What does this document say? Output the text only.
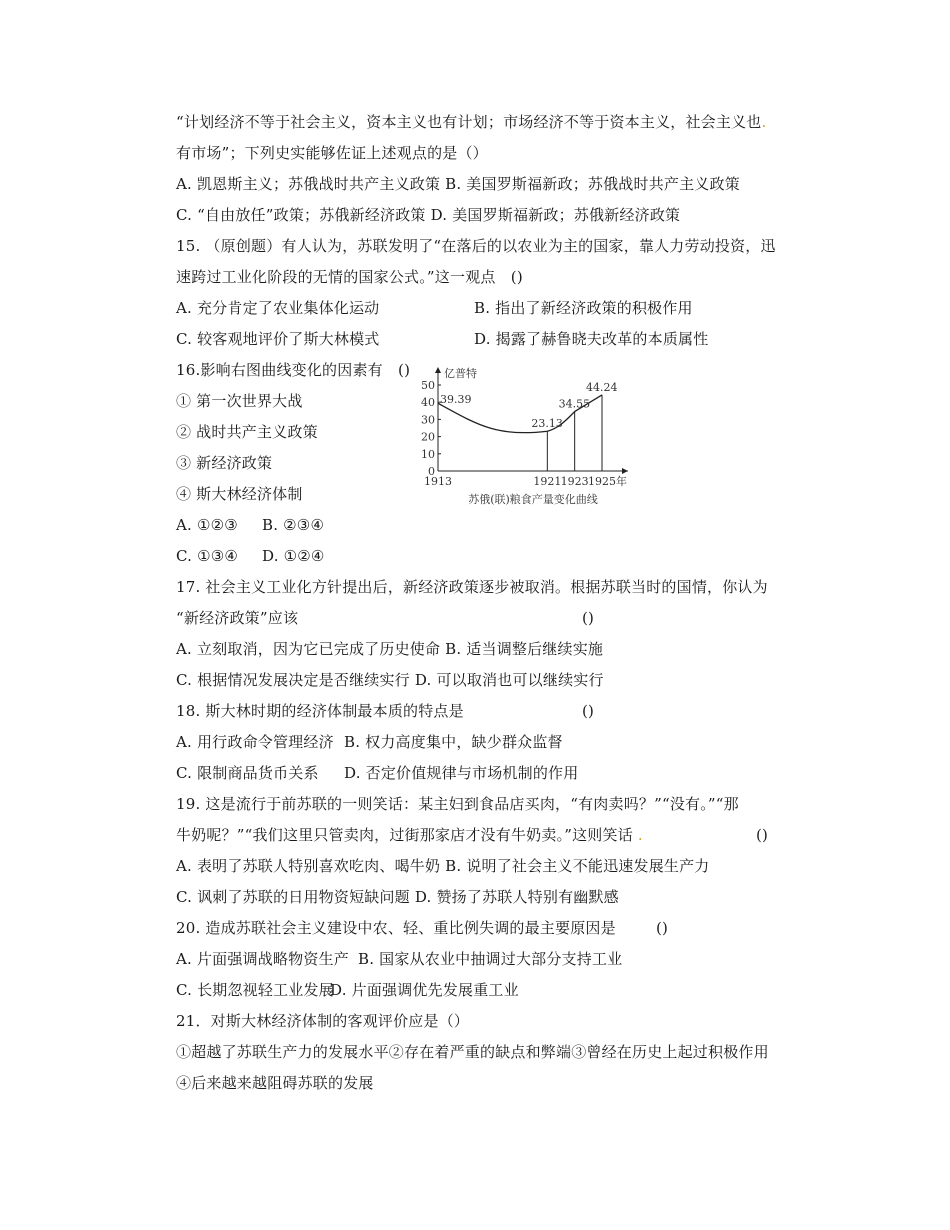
“计划经济不等于社会主义，资本主义也有计划；市场经济不等于资本主义，社会主义也.
有市场”；下列史实能够佐证上述观点的是（）
A. 凯恩斯主义；苏俄战时共产主义政策 B. 美国罗斯福新政；苏俄战时共产主义政策
C. “自由放任”政策；苏俄新经济政策 D. 美国罗斯福新政；苏俄新经济政策
15. （原创题）有人认为，苏联发明了“在落后的以农业为主的国家，靠人力劳动投资，迅
速跨过工业化阶段的无情的国家公式。”这一观点　()
A. 充分肯定了农业集体化运动	B. 指出了新经济政策的积极作用
C. 较客观地评价了斯大林模式	D. 揭露了赫鲁晓夫改革的本质属性
16.影响右图曲线变化的因素有　()
① 第一次世界大战
② 战时共产主义政策
③ 新经济政策
④ 斯大林经济体制
A. ①②③ B. ②③④
C. ①③④ D. ①②④
0
10
20
30
40
50
亿普特
39.39
1913
23.13
1921
34.55
1923
44.24
1925 年
苏俄(联)粮食产量变化曲线
17. 社会主义工业化方针提出后，新经济政策逐步被取消。根据苏联当时的国情，你认为
“新经济政策”应该	()
A. 立刻取消，因为它已完成了历史使命 B. 适当调整后继续实施
C. 根据情况发展决定是否继续实行 D. 可以取消也可以继续实行
18. 斯大林时期的经济体制最本质的特点是	()
A. 用行政命令管理经济 B. 权力高度集中，缺少群众监督
C. 限制商品货币关系 D. 否定价值规律与市场机制的作用
19. 这是流行于前苏联的一则笑话：某主妇到食品店买肉，“有肉卖吗？”“没有。”“那
牛奶呢？”“我们这里只管卖肉，过街那家店才没有牛奶卖。”这则笑话 .	()
A. 表明了苏联人特别喜欢吃肉、喝牛奶 B. 说明了社会主义不能迅速发展生产力
C. 讽刺了苏联的日用物资短缺问题 D. 赞扬了苏联人特别有幽默感
20. 造成苏联社会主义建设中农、轻、重比例失调的最主要原因是	()
A. 片面强调战略物资生产 B. 国家从农业中抽调过大部分支持工业
C. 长期忽视轻工业发展
D. 片面强调优先发展重工业
21．对斯大林经济体制的客观评价应是（）
①超越了苏联生产力的发展水平②存在着严重的缺点和弊端③曾经在历史上起过积极作用
④后来越来越阻碍苏联的发展
